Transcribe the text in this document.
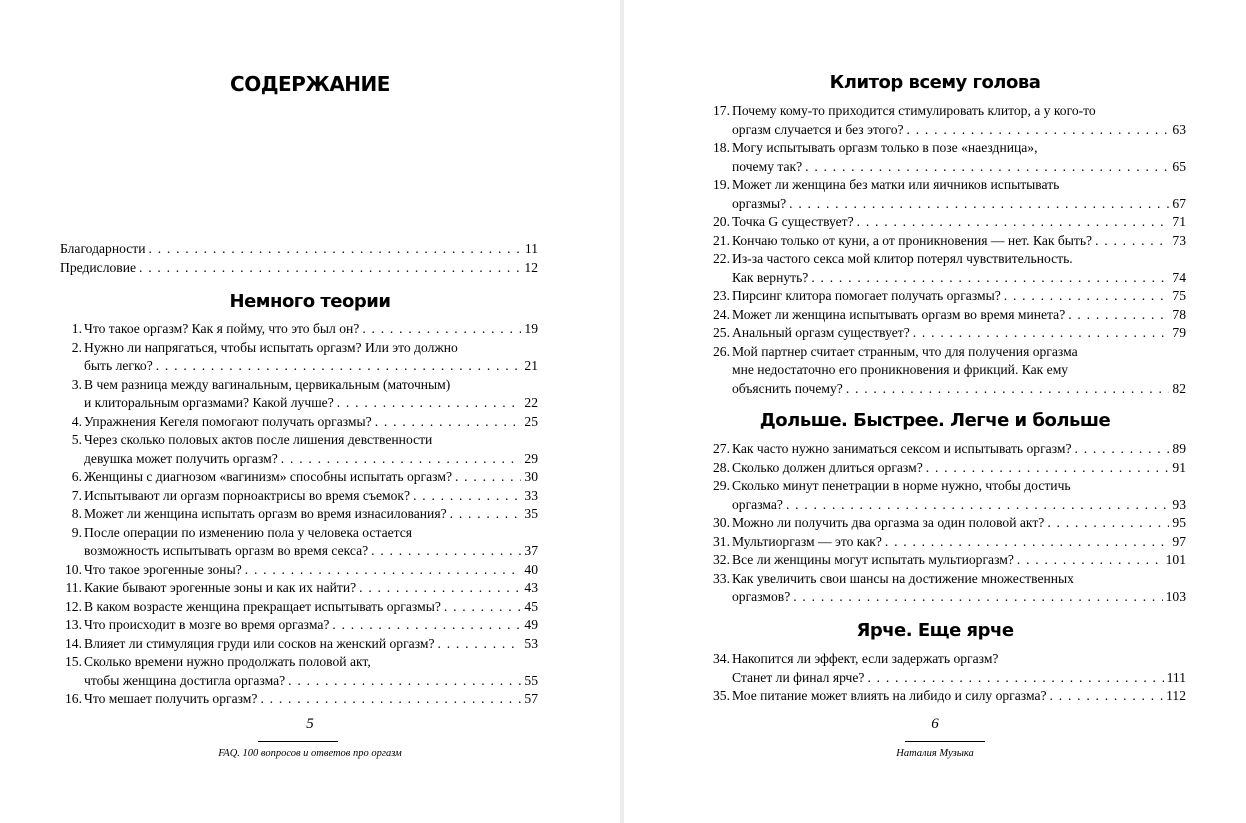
СОДЕРЖАНИЕ
Благодарности . . .	11
Предисловие . . .	12
Немного теории
1. Что такое оргазм? Как я пойму, что это был он? . . .	19
2. Нужно ли напрягаться, чтобы испытать оргазм? Или это должно
быть легко? . . .	21
3. В чем разница между вагинальным, цервикальным (маточным)
и клиторальным оргазмами? Какой лучше? . . .	22
4. Упражнения Кегеля помогают получать оргазмы? . . .	25
5. Через сколько половых актов после лишения девственности
девушка может получить оргазм? . . .	29
6. Женщины с диагнозом «вагинизм» способны испытать оргазм? . . .	30
7. Испытывают ли оргазм порноактрисы во время съемок? . . .	33
8. Может ли женщина испытать оргазм во время изнасилования? . . .	35
9. После операции по изменению пола у человека остается
возможность испытывать оргазм во время секса? . . .	37
10. Что такое эрогенные зоны? . . .	40
11. Какие бывают эрогенные зоны и как их найти? . . .	43
12. В каком возрасте женщина прекращает испытывать оргазмы? . . .	45
13. Что происходит в мозге во время оргазма? . . .	49
14. Влияет ли стимуляция груди или сосков на женский оргазм? . . .	53
15. Сколько времени нужно продолжать половой акт,
чтобы женщина достигла оргазма? . . .	55
16. Что мешает получить оргазм? . . .	57
5
FAQ. 100 вопросов и ответов про оргазм
Клитор всему голова
17. Почему кому-то приходится стимулировать клитор, а у кого-то
оргазм случается и без этого? . . .	63
18. Могу испытывать оргазм только в позе «наездница»,
почему так? . . .	65
19. Может ли женщина без матки или яичников испытывать
оргазмы? . . .	67
20. Точка G существует? . . .	71
21. Кончаю только от куни, а от проникновения — нет. Как быть? . . .	73
22. Из-за частого секса мой клитор потерял чувствительность.
Как вернуть? . . .	74
23. Пирсинг клитора помогает получать оргазмы? . . .	75
24. Может ли женщина испытывать оргазм во время минета? . . .	78
25. Анальный оргазм существует? . . .	79
26. Мой партнер считает странным, что для получения оргазма
мне недостаточно его проникновения и фрикций. Как ему
объяснить почему? . . .	82
Дольше. Быстрее. Легче и больше
27. Как часто нужно заниматься сексом и испытывать оргазм? . . .	89
28. Сколько должен длиться оргазм? . . .	91
29. Сколько минут пенетрации в норме нужно, чтобы достичь
оргазма? . . .	93
30. Можно ли получить два оргазма за один половой акт? . . .	95
31. Мультиоргазм — это как? . . .	97
32. Все ли женщины могут испытать мультиоргазм? . . .	101
33. Как увеличить свои шансы на достижение множественных
оргазмов? . . .	103
Ярче. Еще ярче
34. Накопится ли эффект, если задержать оргазм?
Станет ли финал ярче? . . .	111
35. Мое питание может влиять на либидо и силу оргазма? . . .	112
6
Наталия Музыка
